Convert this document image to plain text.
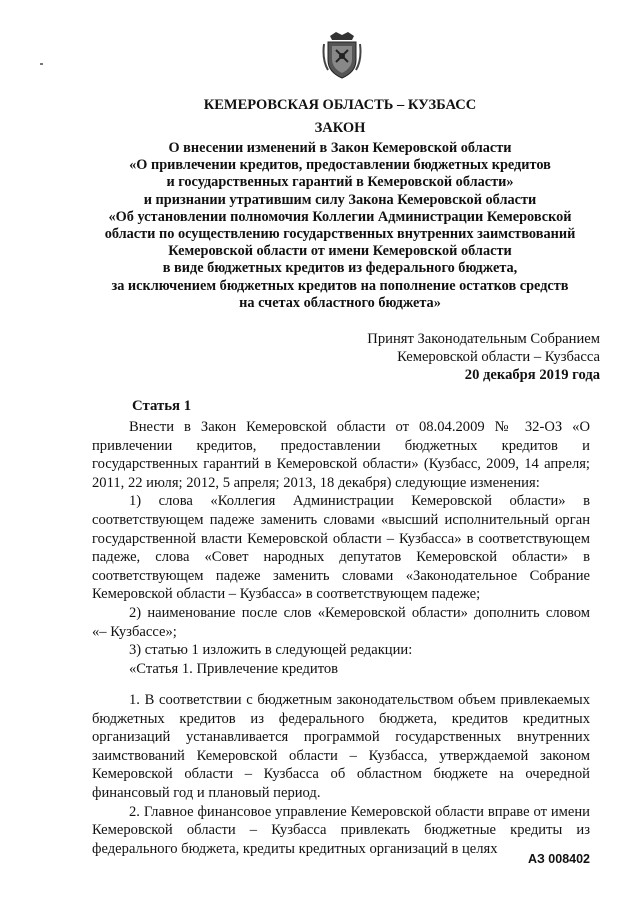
КЕМЕРОВСКАЯ ОБЛАСТЬ – КУЗБАСС
ЗАКОН
О внесении изменений в Закон Кемеровской области
«О привлечении кредитов, предоставлении бюджетных кредитов
и государственных гарантий в Кемеровской области»
и признании утратившим силу Закона Кемеровской области
«Об установлении полномочия Коллегии Администрации Кемеровской
области по осуществлению государственных внутренних заимствований
Кемеровской области от имени Кемеровской области
в виде бюджетных кредитов из федерального бюджета,
за исключением бюджетных кредитов на пополнение остатков средств
на счетах областного бюджета»
Принят Законодательным Собранием
Кемеровской области – Кузбасса
20 декабря 2019 года
Статья 1

Внести в Закон Кемеровской области от 08.04.2009 № 32-ОЗ «О привлечении кредитов, предоставлении бюджетных кредитов и государственных гарантий в Кемеровской области» (Кузбасс, 2009, 14 апреля; 2011, 22 июля; 2012, 5 апреля; 2013, 18 декабря) следующие изменения:

1) слова «Коллегия Администрации Кемеровской области» в соответствующем падеже заменить словами «высший исполнительный орган государственной власти Кемеровской области – Кузбасса» в соответствующем падеже, слова «Совет народных депутатов Кемеровской области» в соответствующем падеже заменить словами «Законодательное Собрание Кемеровской области – Кузбасса» в соответствующем падеже;

2) наименование после слов «Кемеровской области» дополнить словом «– Кузбассе»;

3) статью 1 изложить в следующей редакции:

«Статья 1. Привлечение кредитов

1. В соответствии с бюджетным законодательством объем привлекаемых бюджетных кредитов из федерального бюджета, кредитов кредитных организаций устанавливается программой государственных внутренних заимствований Кемеровской области – Кузбасса, утверждаемой законом Кемеровской области – Кузбасса об областном бюджете на очередной финансовый год и плановый период.

2. Главное финансовое управление Кемеровской области вправе от имени Кемеровской области – Кузбасса привлекать бюджетные кредиты из федерального бюджета, кредиты кредитных организаций в целях

АЗ 008402
